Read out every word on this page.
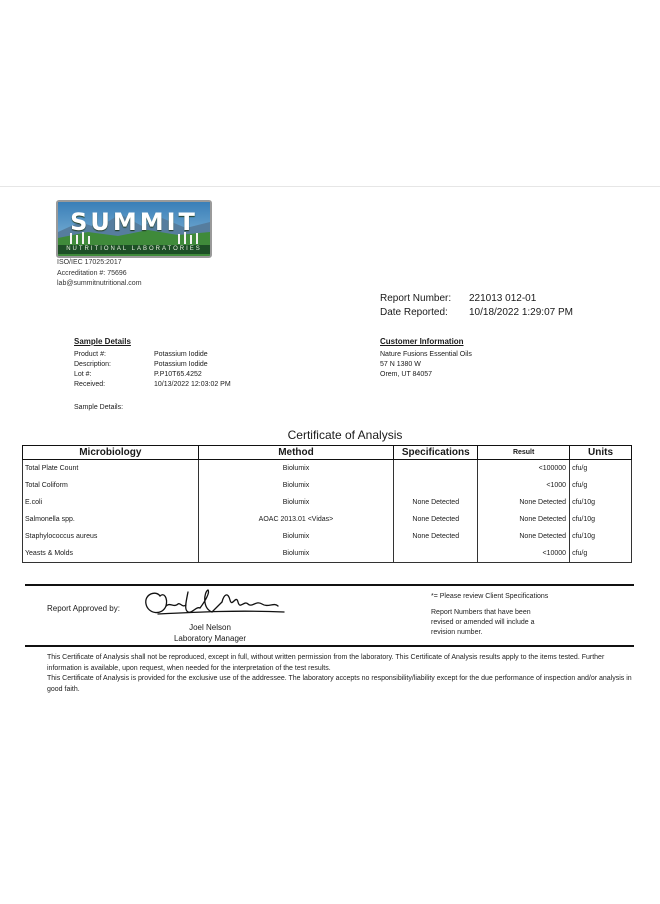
SUMMIT
NUTRITIONAL LABORATORIES
ISO/IEC 17025:2017
Accreditation #: 75696
lab@summitnutritional.com
Report Number:	221013 012-01
Date Reported:	10/18/2022 1:29:07 PM
Sample Details
Product #:	Potassium Iodide
Description:	Potassium Iodide
Lot #:	P.P10T65.4252
Received:	10/13/2022 12:03:02 PM
Sample Details:
Customer Information
Nature Fusions Essential Oils
57 N 1380 W
Orem, UT 84057
Certificate of Analysis
Microbiology	Method	Specifications	Result	Units
Total Plate Count	Biolumix		<100000	cfu/g
Total Coliform	Biolumix		<1000	cfu/g
E.coli	Biolumix	None Detected	None Detected	cfu/10g
Salmonella spp.	AOAC 2013.01 <Vidas>	None Detected	None Detected	cfu/10g
Staphylococcus aureus	Biolumix	None Detected	None Detected	cfu/10g
Yeasts & Molds	Biolumix		<10000	cfu/g
Report Approved by:
Joel Nelson
Laboratory Manager
*= Please review Client Specifications
Report Numbers that have been
revised or amended will include a
revision number.

This Certificate of Analysis shall not be reproduced, except in full, without written permission from the laboratory. This Certificate of Analysis results apply to the items tested. Further information is available, upon request, when needed for the interpretation of the test results.

This Certificate of Analysis is provided for the exclusive use of the addressee. The laboratory accepts no responsibility/liability except for the due performance of inspection and/or analysis in good faith.
